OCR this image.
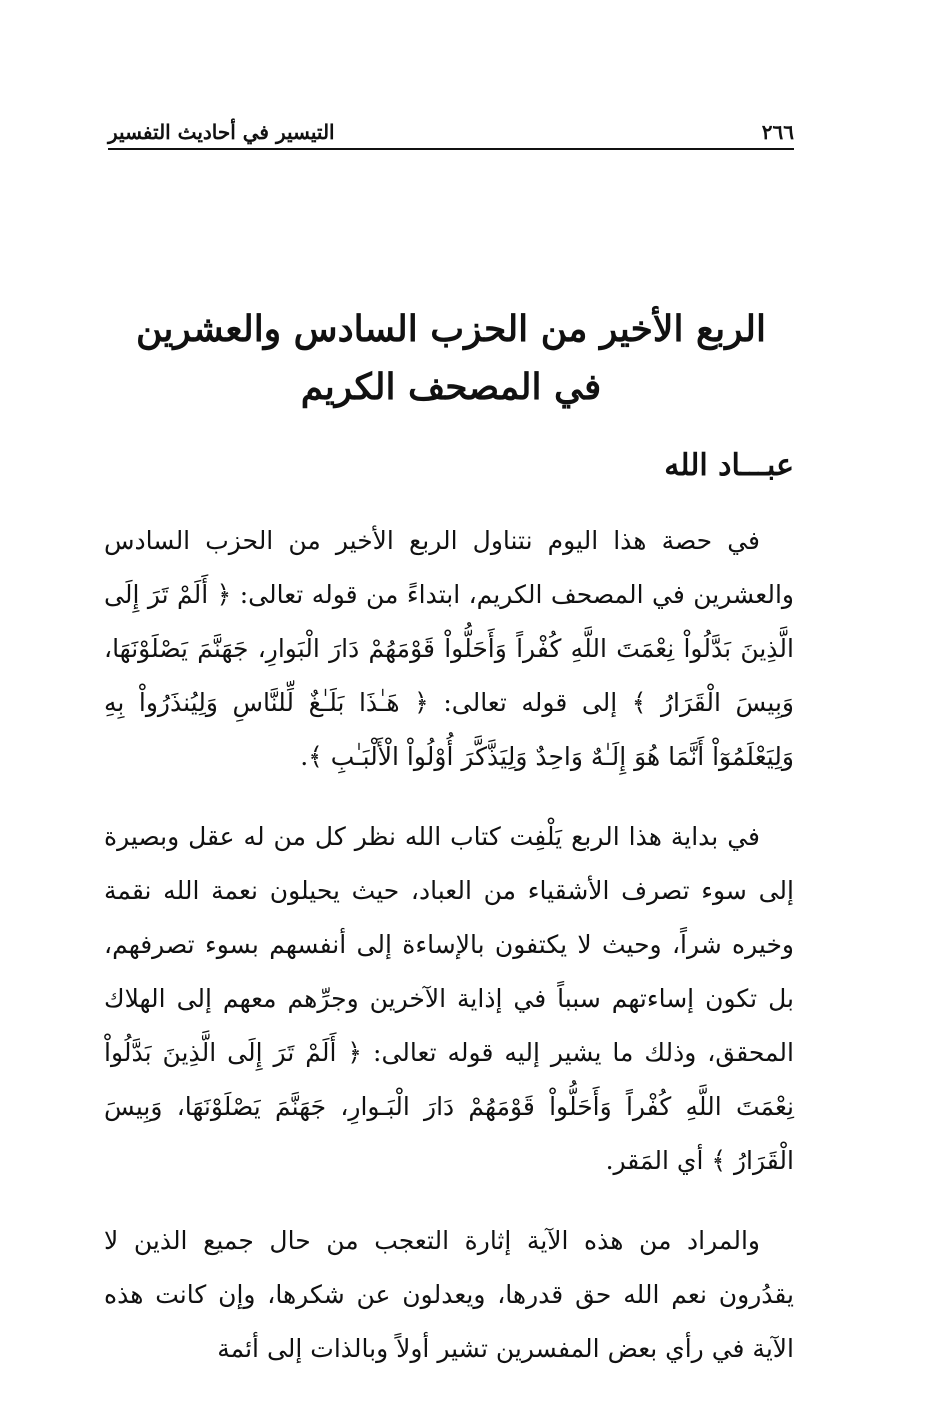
٢٦٦
التيسير في أحاديث التفسير
الربع الأخير من الحزب السادس والعشرين
في المصحف الكريم
عبـــاد الله

في حصة هذا اليوم نتناول الربع الأخير من الحزب السادس والعشرين في المصحف الكريم، ابتداءً من قوله تعالى: ﴿ أَلَمْ تَرَ إِلَى الَّذِينَ بَدَّلُواْ نِعْمَتَ اللَّهِ كُفْراً وَأَحَلُّواْ قَوْمَهُمْ دَارَ الْبَوارِ، جَهَنَّمَ يَصْلَوْنَهَا، وَبِيسَ الْقَرَارُ ﴾ إلى قوله تعالى: ﴿ هَـٰذَا بَلَـٰغٌ لِّلنَّاسِ وَلِيُنذَرُواْ بِهِ وَلِيَعْلَمُوٓاْ أَنَّمَا هُوَ إِلَـٰهٌ وَاحِدٌ وَلِيَذَّكَّرَ أُوْلُواْ الْأَلْبَـٰبِ ﴾.

في بداية هذا الربع يَلْفِت كتاب الله نظر كل من له عقل وبصيرة إلى سوء تصرف الأشقياء من العباد، حيث يحيلون نعمة الله نقمة وخيره شراً، وحيث لا يكتفون بالإساءة إلى أنفسهم بسوء تصرفهم، بل تكون إساءتهم سبباً في إذاية الآخرين وجرِّهم معهم إلى الهلاك المحقق، وذلك ما يشير إليه قوله تعالى: ﴿ أَلَمْ تَرَ إِلَى الَّذِينَ بَدَّلُواْ نِعْمَتَ اللَّهِ كُفْراً وَأَحَلُّواْ قَوْمَهُمْ دَارَ الْبَـوارِ، جَهَنَّمَ يَصْلَوْنَهَا، وَبِيسَ الْقَرَارُ ﴾ أي المَقر.

والمراد من هذه الآية إثارة التعجب من حال جميع الذين لا يقدُرون نعم الله حق قدرها، ويعدلون عن شكرها، وإن كانت هذه الآية في رأي بعض المفسرين تشير أولاً وبالذات إلى أئمة
